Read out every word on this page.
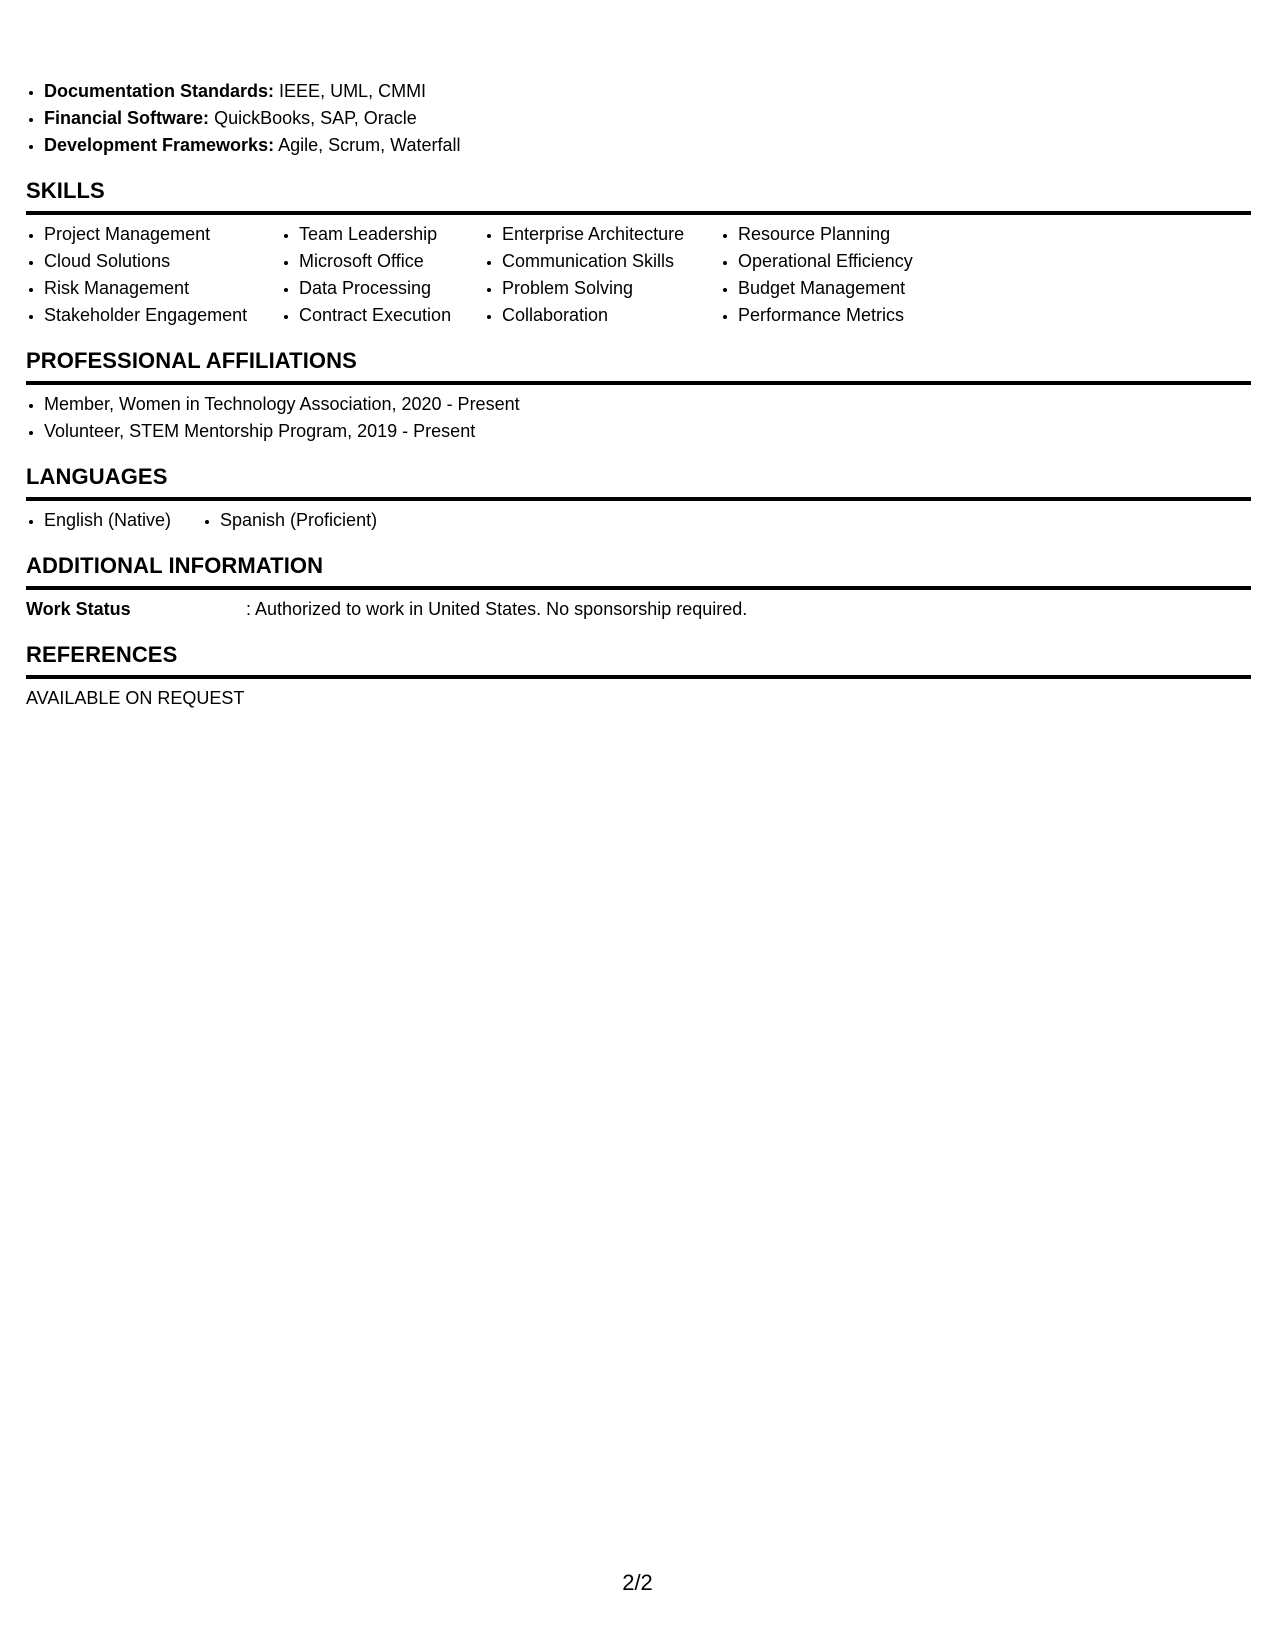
• Documentation Standards: IEEE, UML, CMMI
• Financial Software: QuickBooks, SAP, Oracle
• Development Frameworks: Agile, Scrum, Waterfall
SKILLS
• Project Management
• Cloud Solutions
• Risk Management
• Stakeholder Engagement
• Team Leadership
• Microsoft Office
• Data Processing
• Contract Execution
• Enterprise Architecture
• Communication Skills
• Problem Solving
• Collaboration
• Resource Planning
• Operational Efficiency
• Budget Management
• Performance Metrics
PROFESSIONAL AFFILIATIONS
• Member, Women in Technology Association, 2020 - Present
• Volunteer, STEM Mentorship Program, 2019 - Present
LANGUAGES
• English (Native)
•	Spanish (Proficient)
ADDITIONAL INFORMATION
Work Status	: Authorized to work in United States. No sponsorship required.
REFERENCES
AVAILABLE ON REQUEST
2/2
